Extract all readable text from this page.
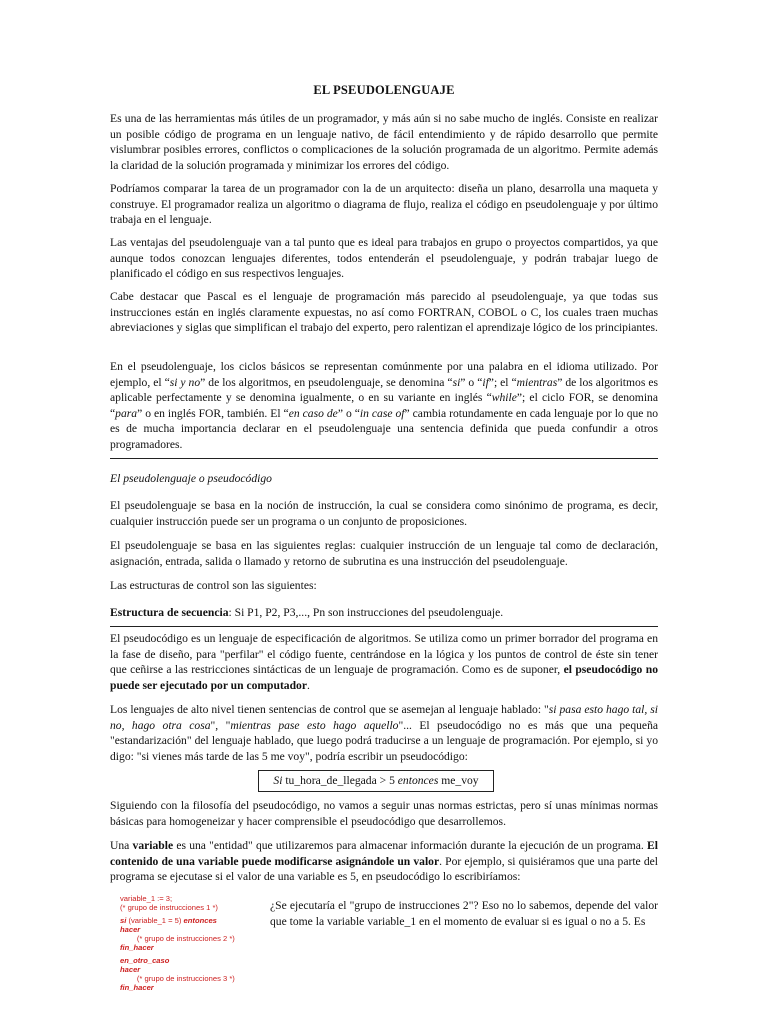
EL PSEUDOLENGUAJE

Es una de las herramientas más útiles de un programador, y más aún si no sabe mucho de inglés. Consiste en realizar un posible código de programa en un lenguaje nativo, de fácil entendimiento y de rápido desarrollo que permite vislumbrar posibles errores, conflictos o complicaciones de la solución programada de un algoritmo. Permite además la claridad de la solución programada y minimizar los errores del código.

Podríamos comparar la tarea de un programador con la de un arquitecto: diseña un plano, desarrolla una maqueta y construye. El programador realiza un algoritmo o diagrama de flujo, realiza el código en pseudolenguaje y por último trabaja en el lenguaje.

Las ventajas del pseudolenguaje van a tal punto que es ideal para trabajos en grupo o proyectos compartidos, ya que aunque todos conozcan lenguajes diferentes, todos entenderán el pseudolenguaje, y podrán trabajar luego de planificado el código en sus respectivos lenguajes.

Cabe destacar que Pascal es el lenguaje de programación más parecido al pseudolenguaje, ya que todas sus instrucciones están en inglés claramente expuestas, no así como FORTRAN, COBOL o C, los cuales traen muchas abreviaciones y siglas que simplifican el trabajo del experto, pero ralentizan el aprendizaje lógico de los principiantes.

En el pseudolenguaje, los ciclos básicos se representan comúnmente por una palabra en el idioma utilizado. Por ejemplo, el “si y no” de los algoritmos, en pseudolenguaje, se denomina “si” o “if”; el “mientras” de los algoritmos es aplicable perfectamente y se denomina igualmente, o en su variante en inglés “while”; el ciclo FOR, se denomina “para” o en inglés FOR, también. El “en caso de” o “in case of” cambia rotundamente en cada lenguaje por lo que no es de mucha importancia declarar en el pseudolenguaje una sentencia definida que pueda confundir a otros programadores.

El pseudolenguaje o pseudocódigo

El pseudolenguaje se basa en la noción de instrucción, la cual se considera como sinónimo de programa, es decir, cualquier instrucción puede ser un programa o un conjunto de proposiciones.

El pseudolenguaje se basa en las siguientes reglas: cualquier instrucción de un lenguaje tal como de declaración, asignación, entrada, salida o llamado y retorno de subrutina es una instrucción del pseudolenguaje.

Las estructuras de control son las siguientes:

Estructura de secuencia: Si P1, P2, P3,..., Pn son instrucciones del pseudolenguaje.

El pseudocódigo es un lenguaje de especificación de algoritmos. Se utiliza como un primer borrador del programa en la fase de diseño, para "perfilar" el código fuente, centrándose en la lógica y los puntos de control de éste sin tener que ceñirse a las restricciones sintácticas de un lenguaje de programación. Como es de suponer, el pseudocódigo no puede ser ejecutado por un computador.

Los lenguajes de alto nivel tienen sentencias de control que se asemejan al lenguaje hablado: "si pasa esto hago tal, si no, hago otra cosa", "mientras pase esto hago aquello"... El pseudocódigo no es más que una pequeña "estandarización" del lenguaje hablado, que luego podrá traducirse a un lenguaje de programación. Por ejemplo, si yo digo: "si vienes más tarde de las 5 me voy", podría escribir un pseudocódigo:

Si tu_hora_de_llegada > 5 entonces me_voy

Siguiendo con la filosofía del pseudocódigo, no vamos a seguir unas normas estrictas, pero sí unas mínimas normas básicas para homogeneizar y hacer comprensible el pseudocódigo que desarrollemos.

Una variable es una "entidad" que utilizaremos para almacenar información durante la ejecución de un programa. El contenido de una variable puede modificarse asignándole un valor. Por ejemplo, si quisiéramos que una parte del programa se ejecutase si el valor de una variable es 5, en pseudocódigo lo escribiríamos:

variable_1 := 3;
(* grupo de instrucciones 1 *)
si (variable_1 = 5) entonces
hacer
(* grupo de instrucciones 2 *)
fin_hacer
en_otro_caso
hacer
(* grupo de instrucciones 3 *)
fin_hacer

¿Se ejecutaría el "grupo de instrucciones 2"? Eso no lo sabemos, depende del valor que tome la variable variable_1 en el momento de evaluar si es igual o no a 5. Es
